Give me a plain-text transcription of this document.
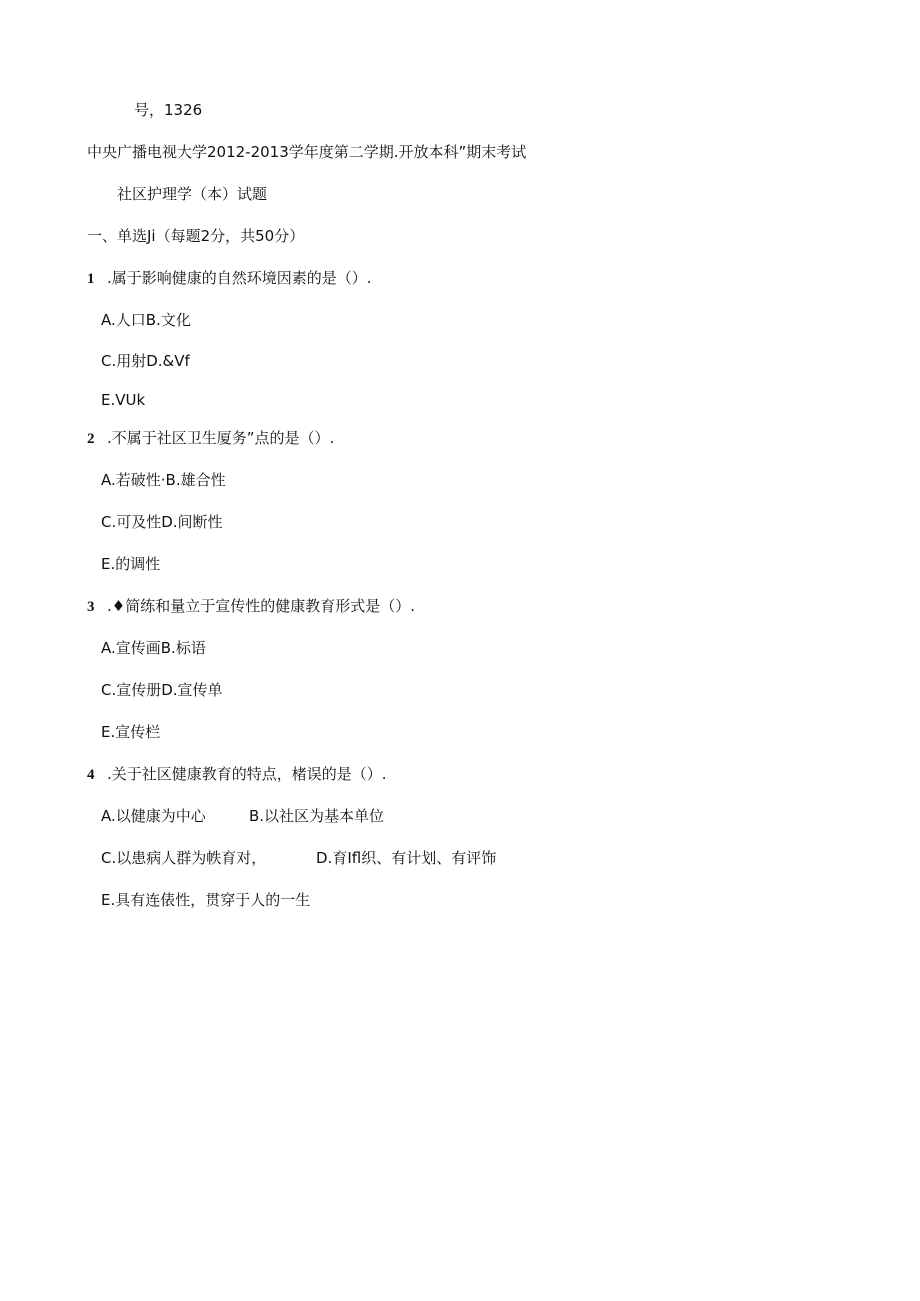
号，1326
中央广播电视大学2012-2013学年度第二学期.开放本科”期末考试
社区护理学（本）试题
一、单选Ji（每题2分，共50分）
1 .属于影响健康的自然环境因素的是（）.
A.人口B.文化
C.用射D.&Vf
E.VUk
2 .不属于社区卫生厦务”点的是（）.
A.若破性·B.雄合性
C.可及性D.间断性
E.的调性
3 .♦简练和量立于宣传性的健康教育形式是（）.
A.宣传画B.标语
C.宣传册D.宣传单
E.宣传栏
4 .关于社区健康教育的特点，楮误的是（）.
A.以健康为中心	B.以社区为基本单位
C.以患病人群为帙育对，	D.育Ifl织、有计划、有评饰
E.具有连俵性，贯穿于人的一生
